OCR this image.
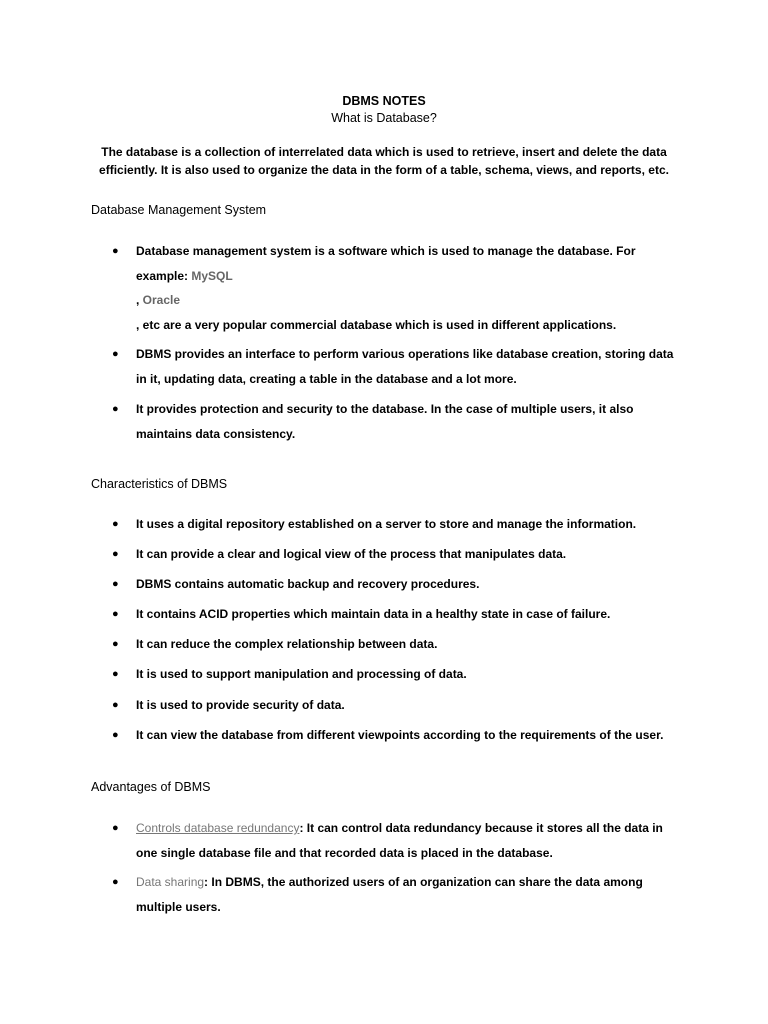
DBMS NOTES
What is Database?
The database is a collection of interrelated data which is used to retrieve, insert and delete the data efficiently. It is also used to organize the data in the form of a table, schema, views, and reports, etc.
Database Management System
● Database management system is a software which is used to manage the database. For example: MySQL
, Oracle
, etc are a very popular commercial database which is used in different applications.
● DBMS provides an interface to perform various operations like database creation, storing data in it, updating data, creating a table in the database and a lot more.
● It provides protection and security to the database. In the case of multiple users, it also maintains data consistency.
Characteristics of DBMS
● It uses a digital repository established on a server to store and manage the information.
● It can provide a clear and logical view of the process that manipulates data.
● DBMS contains automatic backup and recovery procedures.
● It contains ACID properties which maintain data in a healthy state in case of failure.
● It can reduce the complex relationship between data.
● It is used to support manipulation and processing of data.
● It is used to provide security of data.
● It can view the database from different viewpoints according to the requirements of the user.
Advantages of DBMS
● Controls database redundancy: It can control data redundancy because it stores all the data in one single database file and that recorded data is placed in the database.
● Data sharing: In DBMS, the authorized users of an organization can share the data among multiple users.
